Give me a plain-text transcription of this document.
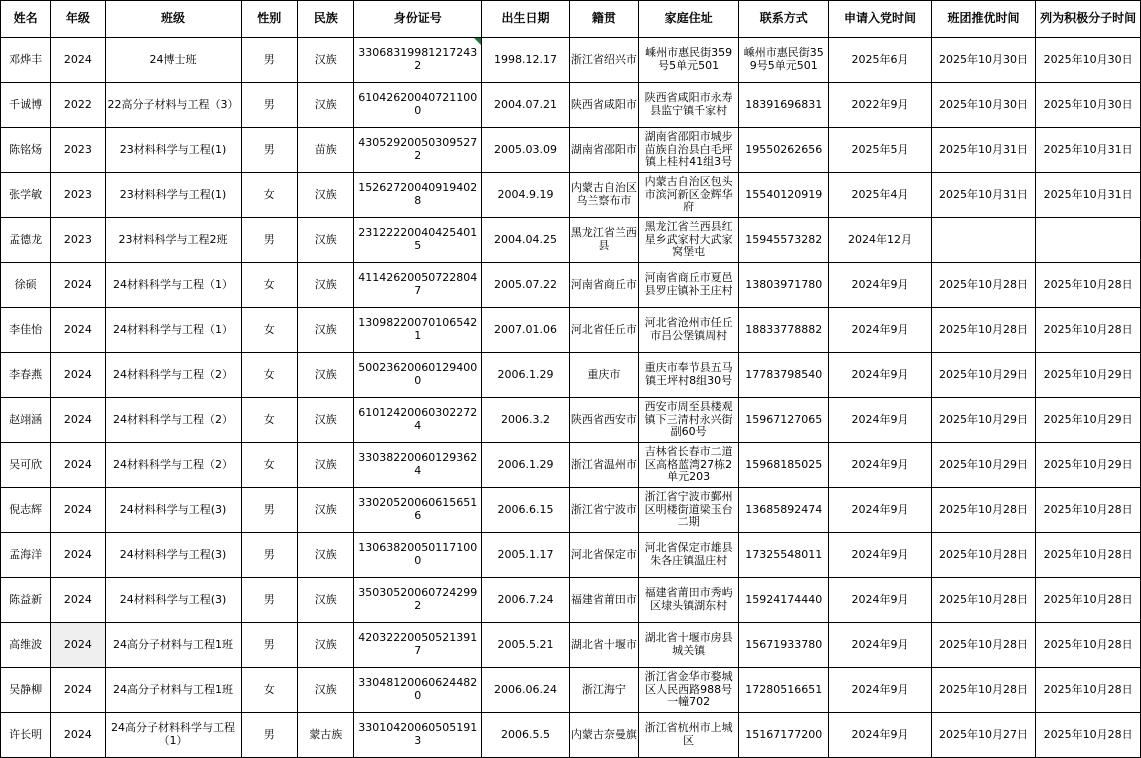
姓名	年级	班级	性别	民族	身份证号	出生日期	籍贯	家庭住址	联系方式	申请入党时间	班团推优时间	列为积极分子时间
邓烨丰	2024	24博士班	男	汉族	330683199812172432	1998.12.17	浙江省绍兴市	嵊州市惠民街359号5单元501	嵊州市惠民街359号5单元501	2025年6月	2025年10月30日	2025年10月30日
千诚博	2022	22高分子材料与工程（3）	男	汉族	610426200407211000	2004.07.21	陕西省咸阳市	陕西省咸阳市永寿县监宁镇千家村	18391696831	2022年9月	2025年10月30日	2025年10月30日
陈铭炀	2023	23材料科学与工程(1)	男	苗族	430529200503095272	2005.03.09	湖南省邵阳市	湖南省邵阳市城步苗族自治县白毛坪镇上桂村41组3号	19550262656	2025年5月	2025年10月31日	2025年10月31日
张学敏	2023	23材料科学与工程(1)	女	汉族	152627200409194028	2004.9.19	内蒙古自治区乌兰察布市	内蒙古自治区包头市滨河新区金辉华府	15540120919	2025年4月	2025年10月31日	2025年10月31日
孟德龙	2023	23材料科学与工程2班	男	汉族	231222200404254015	2004.04.25	黑龙江省兰西县	黑龙江省兰西县红星乡武家村大武家窝堡屯	15945573282	2024年12月		
徐硕	2024	24材料科学与工程（1）	女	汉族	411426200507228047	2005.07.22	河南省商丘市	河南省商丘市夏邑县罗庄镇补王庄村	13803971780	2024年9月	2025年10月28日	2025年10月28日
李佳怡	2024	24材料科学与工程（1）	女	汉族	130982200701065421	2007.01.06	河北省任丘市	河北省沧州市任丘市吕公堡镇周村	18833778882	2024年9月	2025年10月28日	2025年10月28日
李春燕	2024	24材料科学与工程（2）	女	汉族	500236200601294000	2006.1.29	重庆市	重庆市奉节县五马镇王坪村8组30号	17783798540	2024年9月	2025年10月29日	2025年10月29日
赵翊涵	2024	24材料科学与工程（2）	女	汉族	610124200603022724	2006.3.2	陕西省西安市	西安市周至县楼观镇下三清村永兴街副60号	15967127065	2024年9月	2025年10月29日	2025年10月29日
吴可欣	2024	24材料科学与工程（2）	女	汉族	330382200601293624	2006.1.29	浙江省温州市	吉林省长春市二道区高格蓝湾27栋2单元203	15968185025	2024年9月	2025年10月29日	2025年10月29日
倪志辉	2024	24材料科学与工程(3)	男	汉族	330205200606156516	2006.6.15	浙江省宁波市	浙江省宁波市鄞州区明楼街道梁玉台二期	13685892474	2024年9月	2025年10月28日	2025年10月28日
孟海洋	2024	24材料科学与工程(3)	男	汉族	130638200501171000	2005.1.17	河北省保定市	河北省保定市雄县朱各庄镇温庄村	17325548011	2024年9月	2025年10月28日	2025年10月28日
陈益新	2024	24材料科学与工程(3)	男	汉族	350305200607242992	2006.7.24	福建省莆田市	福建省莆田市秀屿区埭头镇湖东村	15924174440	2024年9月	2025年10月28日	2025年10月28日
高维波	2024	24高分子材料与工程1班	男	汉族	420322200505213917	2005.5.21	湖北省十堰市	湖北省十堰市房县城关镇	15671933780	2024年9月	2025年10月28日	2025年10月28日
吴静柳	2024	24高分子材料与工程1班	女	汉族	330481200606244820	2006.06.24	浙江海宁	浙江省金华市婺城区人民西路988号一幢702	17280516651	2024年9月	2025年10月28日	2025年10月28日
许长明	2024	24高分子材料科学与工程（1）	男	蒙古族	330104200605051913	2006.5.5	内蒙古奈曼旗	浙江省杭州市上城区	15167177200	2024年9月	2025年10月27日	2025年10月28日
